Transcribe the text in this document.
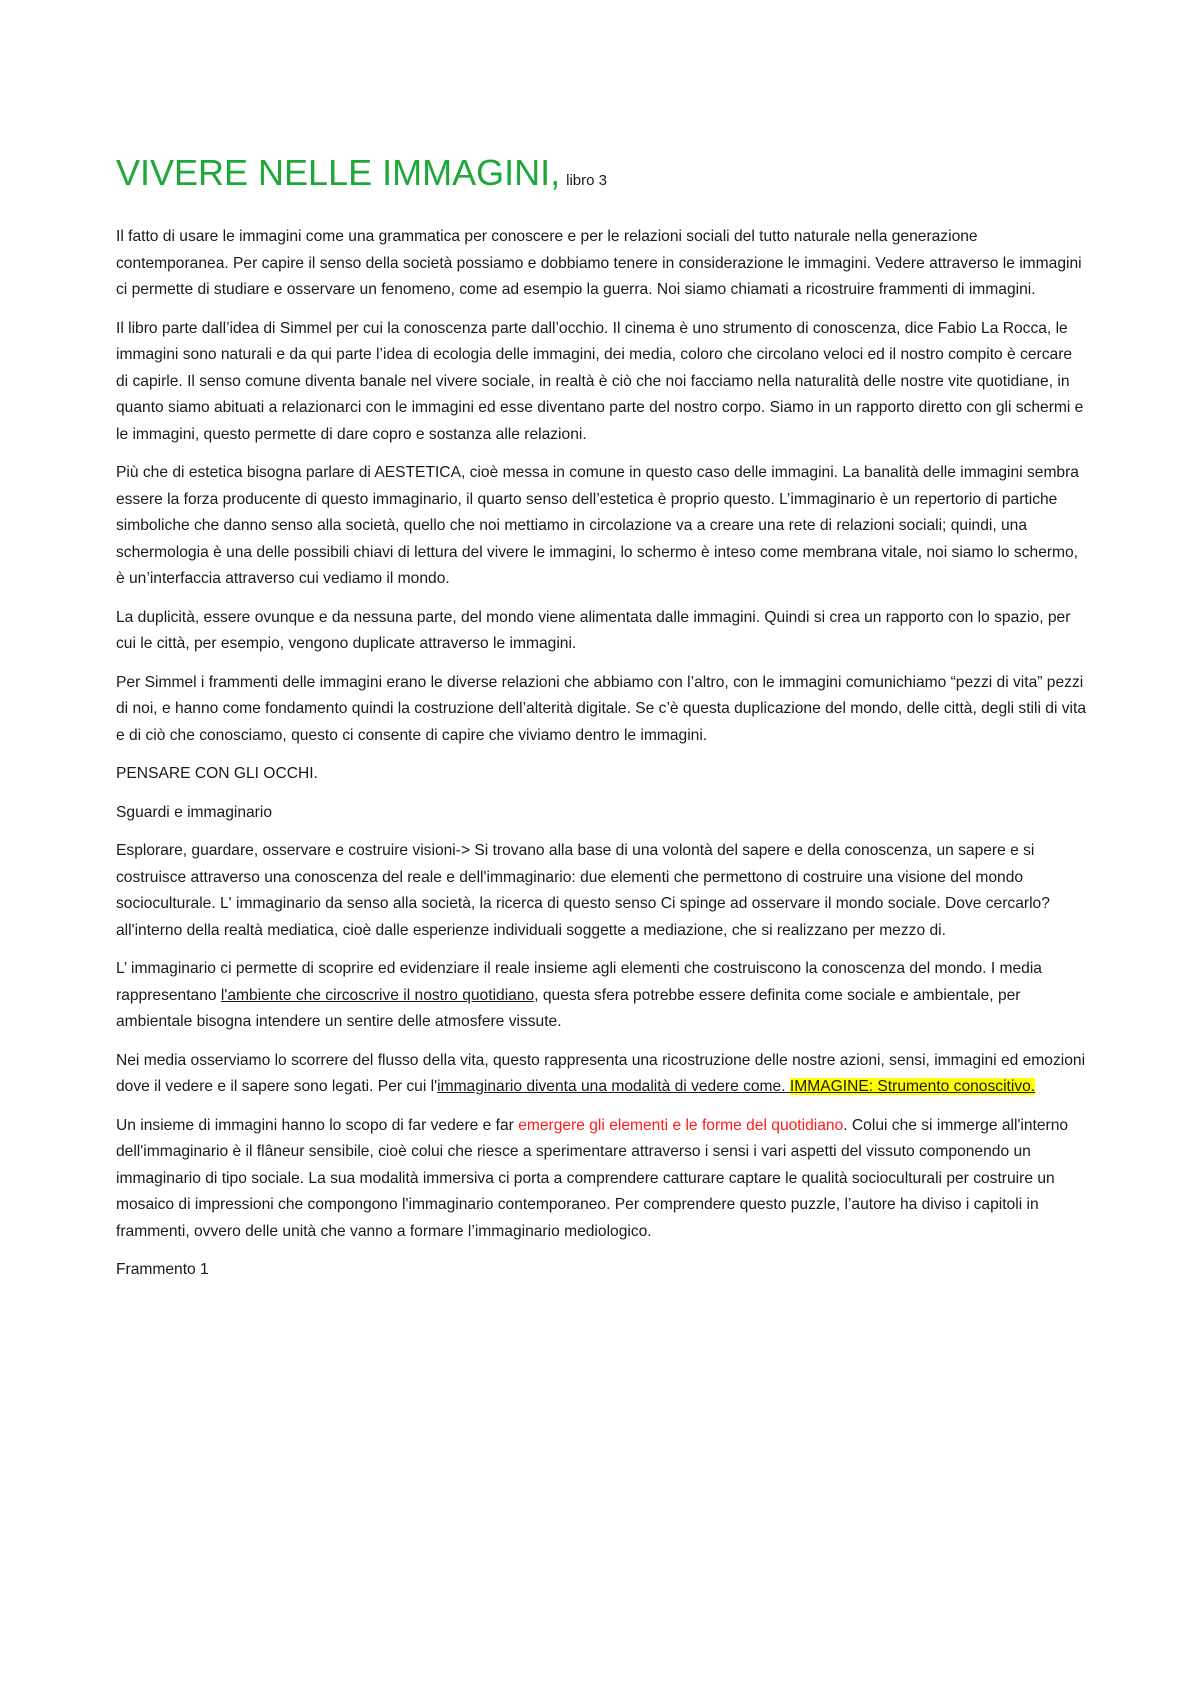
VIVERE NELLE IMMAGINI, libro 3

Il fatto di usare le immagini come una grammatica per conoscere e per le relazioni sociali del tutto naturale nella generazione contemporanea. Per capire il senso della società possiamo e dobbiamo tenere in considerazione le immagini. Vedere attraverso le immagini ci permette di studiare e osservare un fenomeno, come ad esempio la guerra. Noi siamo chiamati a ricostruire frammenti di immagini.

Il libro parte dall’idea di Simmel per cui la conoscenza parte dall’occhio. Il cinema è uno strumento di conoscenza, dice Fabio La Rocca, le immagini sono naturali e da qui parte l’idea di ecologia delle immagini, dei media, coloro che circolano veloci ed il nostro compito è cercare di capirle. Il senso comune diventa banale nel vivere sociale, in realtà è ciò che noi facciamo nella naturalità delle nostre vite quotidiane, in quanto siamo abituati a relazionarci con le immagini ed esse diventano parte del nostro corpo. Siamo in un rapporto diretto con gli schermi e le immagini, questo permette di dare copro e sostanza alle relazioni.

Più che di estetica bisogna parlare di AESTETICA, cioè messa in comune in questo caso delle immagini. La banalità delle immagini sembra essere la forza producente di questo immaginario, il quarto senso dell’estetica è proprio questo. L’immaginario è un repertorio di partiche simboliche che danno senso alla società, quello che noi mettiamo in circolazione va a creare una rete di relazioni sociali; quindi, una schermologia è una delle possibili chiavi di lettura del vivere le immagini, lo schermo è inteso come membrana vitale, noi siamo lo schermo, è un’interfaccia attraverso cui vediamo il mondo.

La duplicità, essere ovunque e da nessuna parte, del mondo viene alimentata dalle immagini. Quindi si crea un rapporto con lo spazio, per cui le città, per esempio, vengono duplicate attraverso le immagini.

Per Simmel i frammenti delle immagini erano le diverse relazioni che abbiamo con l’altro, con le immagini comunichiamo “pezzi di vita” pezzi di noi, e hanno come fondamento quindi la costruzione dell’alterità digitale. Se c’è questa duplicazione del mondo, delle città, degli stili di vita e di ciò che conosciamo, questo ci consente di capire che viviamo dentro le immagini.

PENSARE CON GLI OCCHI.

Sguardi e immaginario

Esplorare, guardare, osservare e costruire visioni-> Si trovano alla base di una volontà del sapere e della conoscenza, un sapere e si costruisce attraverso una conoscenza del reale e dell'immaginario: due elementi che permettono di costruire una visione del mondo socioculturale. L' immaginario da senso alla società, la ricerca di questo senso Ci spinge ad osservare il mondo sociale. Dove cercarlo? all'interno della realtà mediatica, cioè dalle esperienze individuali soggette a mediazione, che si realizzano per mezzo di.

L’ immaginario ci permette di scoprire ed evidenziare il reale insieme agli elementi che costruiscono la conoscenza del mondo. I media rappresentano l'ambiente che circoscrive il nostro quotidiano, questa sfera potrebbe essere definita come sociale e ambientale, per ambientale bisogna intendere un sentire delle atmosfere vissute.

Nei media osserviamo lo scorrere del flusso della vita, questo rappresenta una ricostruzione delle nostre azioni, sensi, immagini ed emozioni dove il vedere e il sapere sono legati. Per cui l'immaginario diventa una modalità di vedere come. IMMAGINE: Strumento conoscitivo.

Un insieme di immagini hanno lo scopo di far vedere e far emergere gli elementi e le forme del quotidiano. Colui che si immerge all'interno dell'immaginario è il flâneur sensibile, cioè colui che riesce a sperimentare attraverso i sensi i vari aspetti del vissuto componendo un immaginario di tipo sociale. La sua modalità immersiva ci porta a comprendere catturare captare le qualità socioculturali per costruire un mosaico di impressioni che compongono l'immaginario contemporaneo. Per comprendere questo puzzle, l’autore ha diviso i capitoli in frammenti, ovvero delle unità che vanno a formare l’immaginario mediologico.

Frammento 1
